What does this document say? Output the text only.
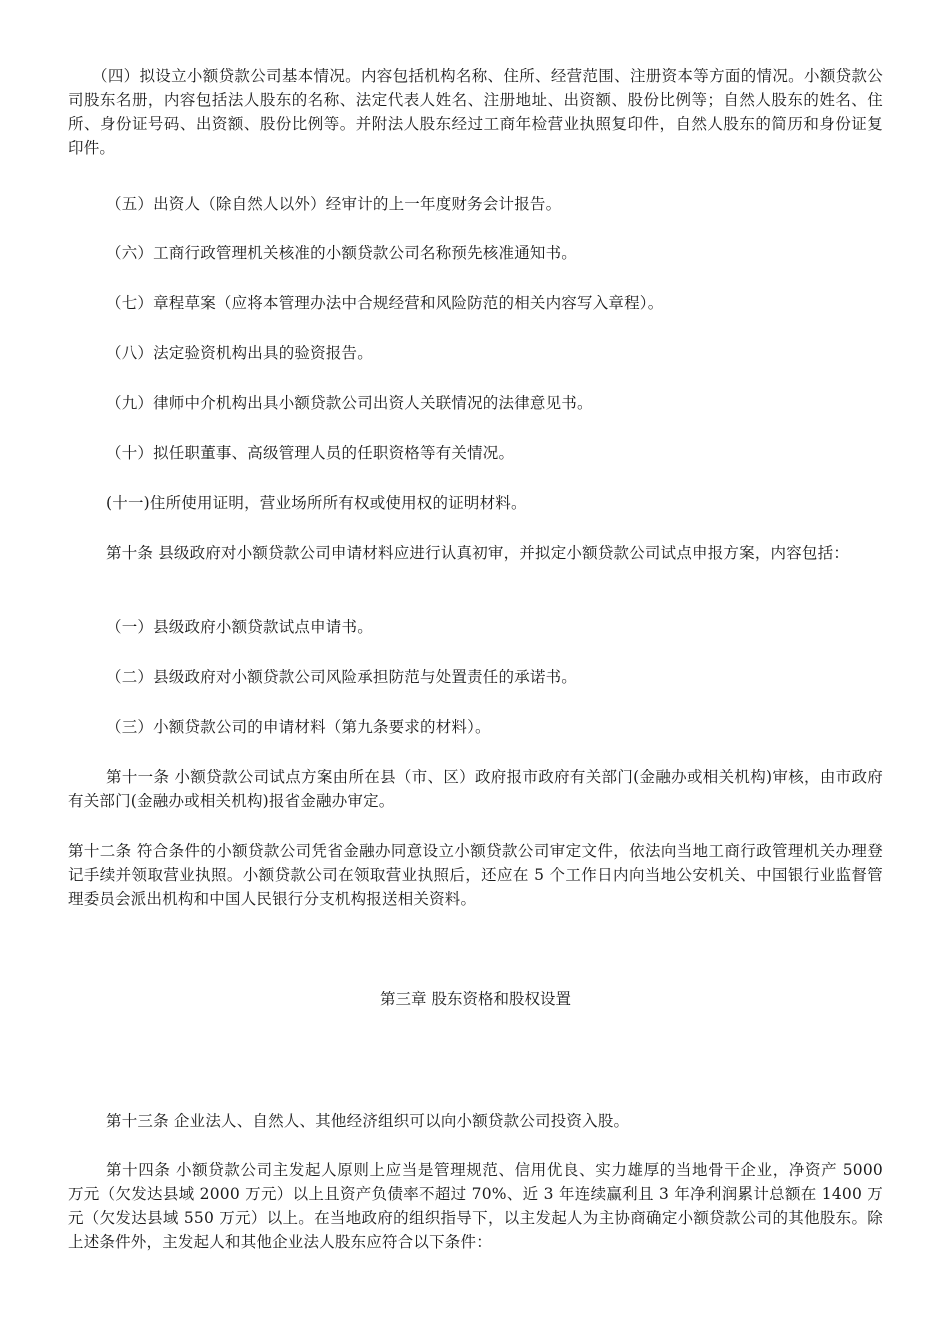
（四）拟设立小额贷款公司基本情况。内容包括机构名称、住所、经营范围、注册资本等方面的情况。小额贷款公司股东名册，内容包括法人股东的名称、法定代表人姓名、注册地址、出资额、股份比例等；自然人股东的姓名、住所、身份证号码、出资额、股份比例等。并附法人股东经过工商年检营业执照复印件，自然人股东的简历和身份证复印件。

（五）出资人（除自然人以外）经审计的上一年度财务会计报告。

（六）工商行政管理机关核准的小额贷款公司名称预先核准通知书。

（七）章程草案（应将本管理办法中合规经营和风险防范的相关内容写入章程）。

（八）法定验资机构出具的验资报告。

（九）律师中介机构出具小额贷款公司出资人关联情况的法律意见书。

（十）拟任职董事、高级管理人员的任职资格等有关情况。

(十一)住所使用证明，营业场所所有权或使用权的证明材料。

第十条 县级政府对小额贷款公司申请材料应进行认真初审，并拟定小额贷款公司试点申报方案，内容包括：

（一）县级政府小额贷款试点申请书。

（二）县级政府对小额贷款公司风险承担防范与处置责任的承诺书。

（三）小额贷款公司的申请材料（第九条要求的材料）。

第十一条 小额贷款公司试点方案由所在县（市、区）政府报市政府有关部门(金融办或相关机构)审核，由市政府有关部门(金融办或相关机构)报省金融办审定。

第十二条 符合条件的小额贷款公司凭省金融办同意设立小额贷款公司审定文件，依法向当地工商行政管理机关办理登记手续并领取营业执照。小额贷款公司在领取营业执照后，还应在 5 个工作日内向当地公安机关、中国银行业监督管理委员会派出机构和中国人民银行分支机构报送相关资料。

第三章 股东资格和股权设置

第十三条 企业法人、自然人、其他经济组织可以向小额贷款公司投资入股。

第十四条 小额贷款公司主发起人原则上应当是管理规范、信用优良、实力雄厚的当地骨干企业，净资产 5000 万元（欠发达县域 2000 万元）以上且资产负债率不超过 70%、近 3 年连续赢利且 3 年净利润累计总额在 1400 万元（欠发达县域 550 万元）以上。在当地政府的组织指导下，以主发起人为主协商确定小额贷款公司的其他股东。除上述条件外，主发起人和其他企业法人股东应符合以下条件：
